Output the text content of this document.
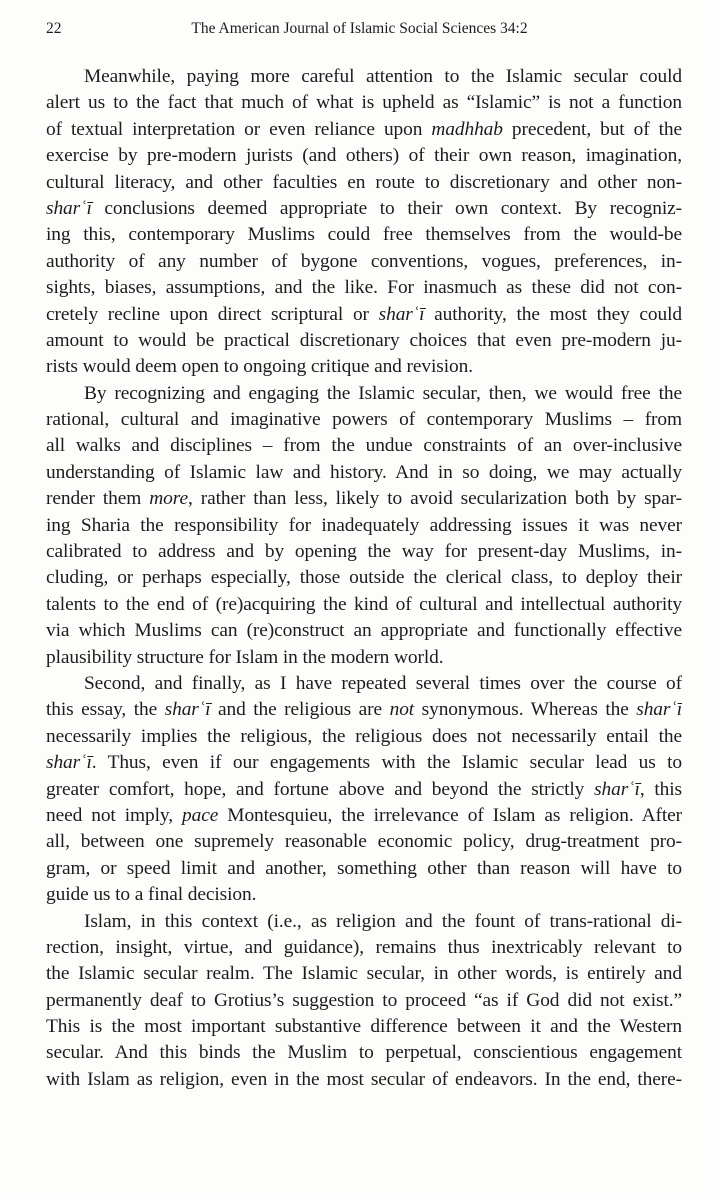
22	The American Journal of Islamic Social Sciences 34:2
Meanwhile, paying more careful attention to the Islamic secular could
alert us to the fact that much of what is upheld as “Islamic” is not a function
of textual interpretation or even reliance upon madhhab precedent, but of the
exercise by pre-modern jurists (and others) of their own reason, imagination,
cultural literacy, and other faculties en route to discretionary and other non-
sharʿī conclusions deemed appropriate to their own context. By recogniz-
ing this, contemporary Muslims could free themselves from the would-be
authority of any number of bygone conventions, vogues, preferences, in-
sights, biases, assumptions, and the like. For inasmuch as these did not con-
cretely recline upon direct scriptural or sharʿī authority, the most they could
amount to would be practical discretionary choices that even pre-modern ju-
rists would deem open to ongoing critique and revision.
By recognizing and engaging the Islamic secular, then, we would free the
rational, cultural and imaginative powers of contemporary Muslims – from
all walks and disciplines – from the undue constraints of an over-inclusive
understanding of Islamic law and history. And in so doing, we may actually
render them more, rather than less, likely to avoid secularization both by spar-
ing Sharia the responsibility for inadequately addressing issues it was never
calibrated to address and by opening the way for present-day Muslims, in-
cluding, or perhaps especially, those outside the clerical class, to deploy their
talents to the end of (re)acquiring the kind of cultural and intellectual authority
via which Muslims can (re)construct an appropriate and functionally effective
plausibility structure for Islam in the modern world.
Second, and finally, as I have repeated several times over the course of
this essay, the sharʿī and the religious are not synonymous. Whereas the sharʿī
necessarily implies the religious, the religious does not necessarily entail the
sharʿī. Thus, even if our engagements with the Islamic secular lead us to
greater comfort, hope, and fortune above and beyond the strictly sharʿī, this
need not imply, pace Montesquieu, the irrelevance of Islam as religion. After
all, between one supremely reasonable economic policy, drug-treatment pro-
gram, or speed limit and another, something other than reason will have to
guide us to a final decision.
Islam, in this context (i.e., as religion and the fount of trans-rational di-
rection, insight, virtue, and guidance), remains thus inextricably relevant to
the Islamic secular realm. The Islamic secular, in other words, is entirely and
permanently deaf to Grotius’s suggestion to proceed “as if God did not exist.”
This is the most important substantive difference between it and the Western
secular. And this binds the Muslim to perpetual, conscientious engagement
with Islam as religion, even in the most secular of endeavors. In the end, there-
